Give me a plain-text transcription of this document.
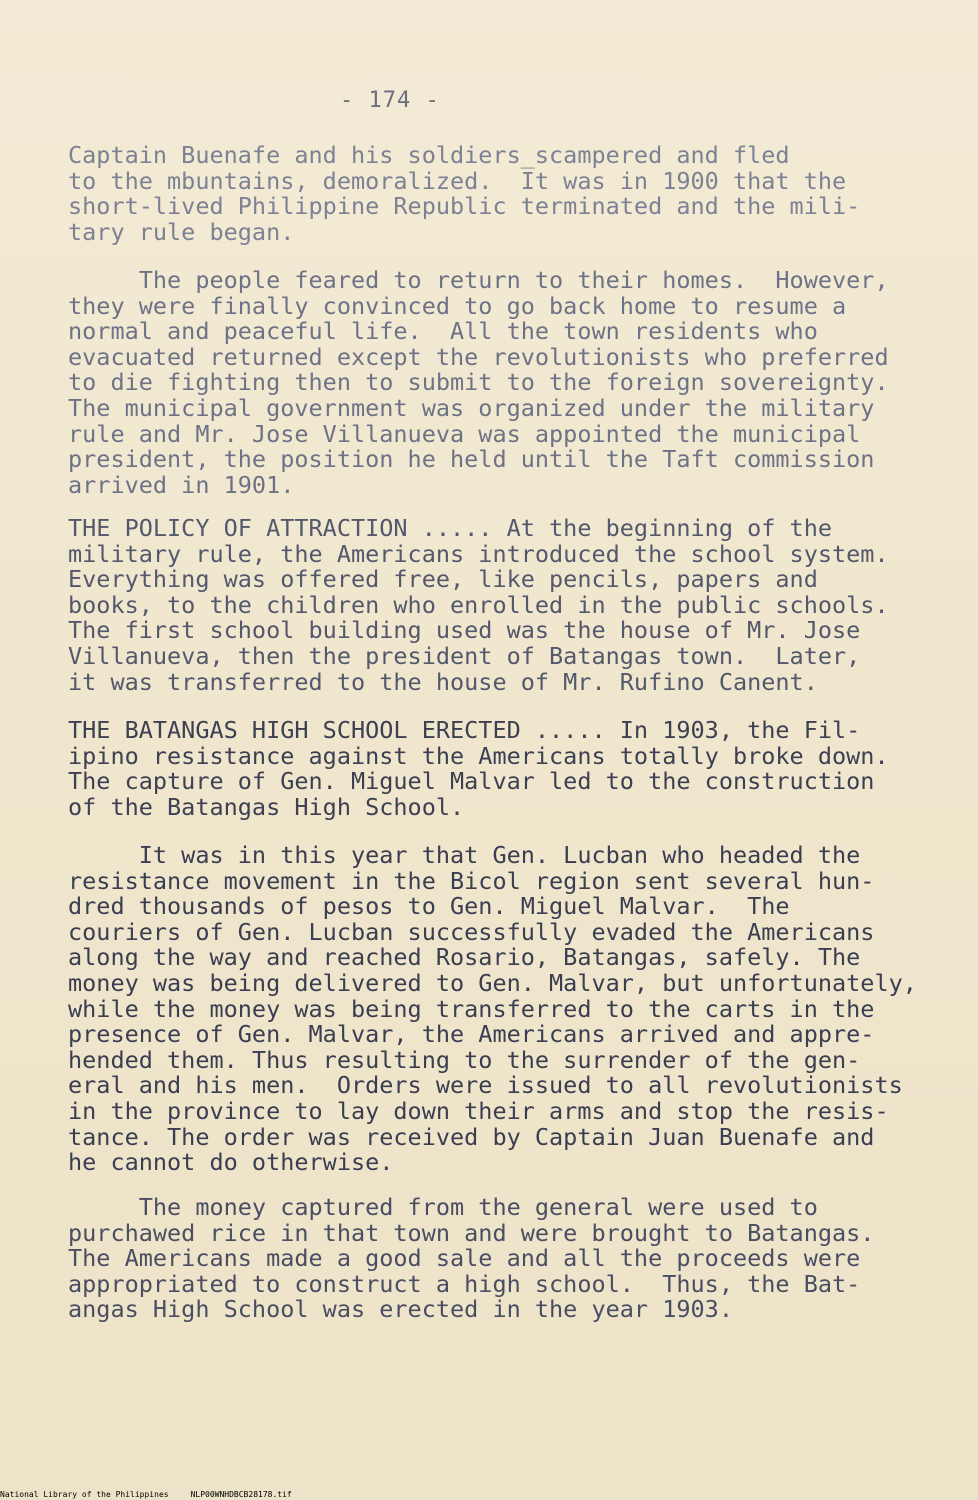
- 174 -

Captain Buenafe and his soldiers_scampered and fled
to the mbuntains, demoralized.  It was in 1900 that the
short-lived Philippine Republic terminated and the mili-
tary rule began.

The people feared to return to their homes.  However,
they were finally convinced to go back home to resume a
normal and peaceful life.  All the town residents who
evacuated returned except the revolutionists who preferred
to die fighting then to submit to the foreign sovereignty.
The municipal government was organized under the military
rule and Mr. Jose Villanueva was appointed the municipal
president, the position he held until the Taft commission
arrived in 1901.

THE POLICY OF ATTRACTION ..... At the beginning of the
military rule, the Americans introduced the school system.
Everything was offered free, like pencils, papers and
books, to the children who enrolled in the public schools.
The first school building used was the house of Mr. Jose
Villanueva, then the president of Batangas town.  Later,
it was transferred to the house of Mr. Rufino Canent.

THE BATANGAS HIGH SCHOOL ERECTED ..... In 1903, the Fil-
ipino resistance against the Americans totally broke down.
The capture of Gen. Miguel Malvar led to the construction
of the Batangas High School.

It was in this year that Gen. Lucban who headed the
resistance movement in the Bicol region sent several hun-
dred thousands of pesos to Gen. Miguel Malvar.  The
couriers of Gen. Lucban successfully evaded the Americans
along the way and reached Rosario, Batangas, safely. The
money was being delivered to Gen. Malvar, but unfortunately,
while the money was being transferred to the carts in the
presence of Gen. Malvar, the Americans arrived and appre-
hended them. Thus resulting to the surrender of the gen-
eral and his men.  Orders were issued to all revolutionists
in the province to lay down their arms and stop the resis-
tance. The order was received by Captain Juan Buenafe and
he cannot do otherwise.

The money captured from the general were used to
purchawed rice in that town and were brought to Batangas.
The Americans made a good sale and all the proceeds were
appropriated to construct a high school.  Thus, the Bat-
angas High School was erected in the year 1903.

National Library of the Philippines	NLP00WNHDBCB28178.tif
